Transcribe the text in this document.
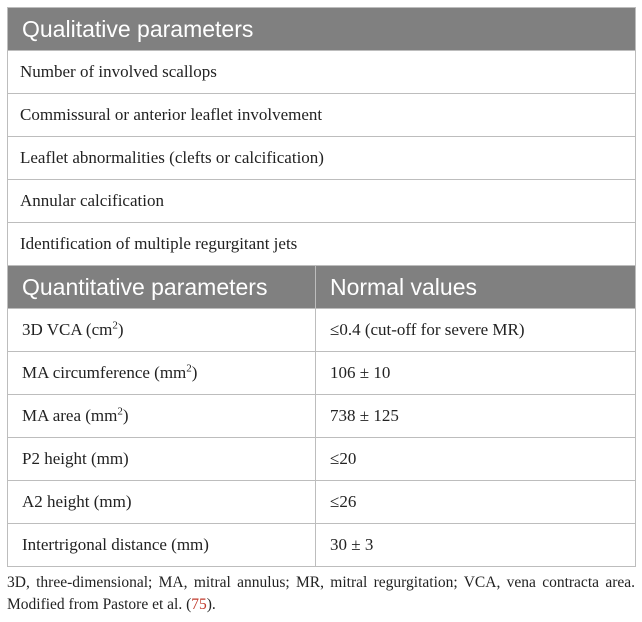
Qualitative parameters	
Number of involved scallops	
Commissural or anterior leaflet involvement	
Leaflet abnormalities (clefts or calcification)	
Annular calcification	
Identification of multiple regurgitant jets	
Quantitative parameters	Normal values
3D VCA $(cm^2)$	≤0.4 (cut-off for severe MR)
MA circumference $(mm^2)$	106 ± 10
MA area $(mm^2)$	738 ± 125
P2 height (mm)	≤20
A2 height (mm)	≤26
Intertrigonal distance (mm)	30 ± 3
3D, three-dimensional; MA, mitral annulus; MR, mitral regurgitation; VCA, vena contracta area. Modified from Pastore et al. (75).
